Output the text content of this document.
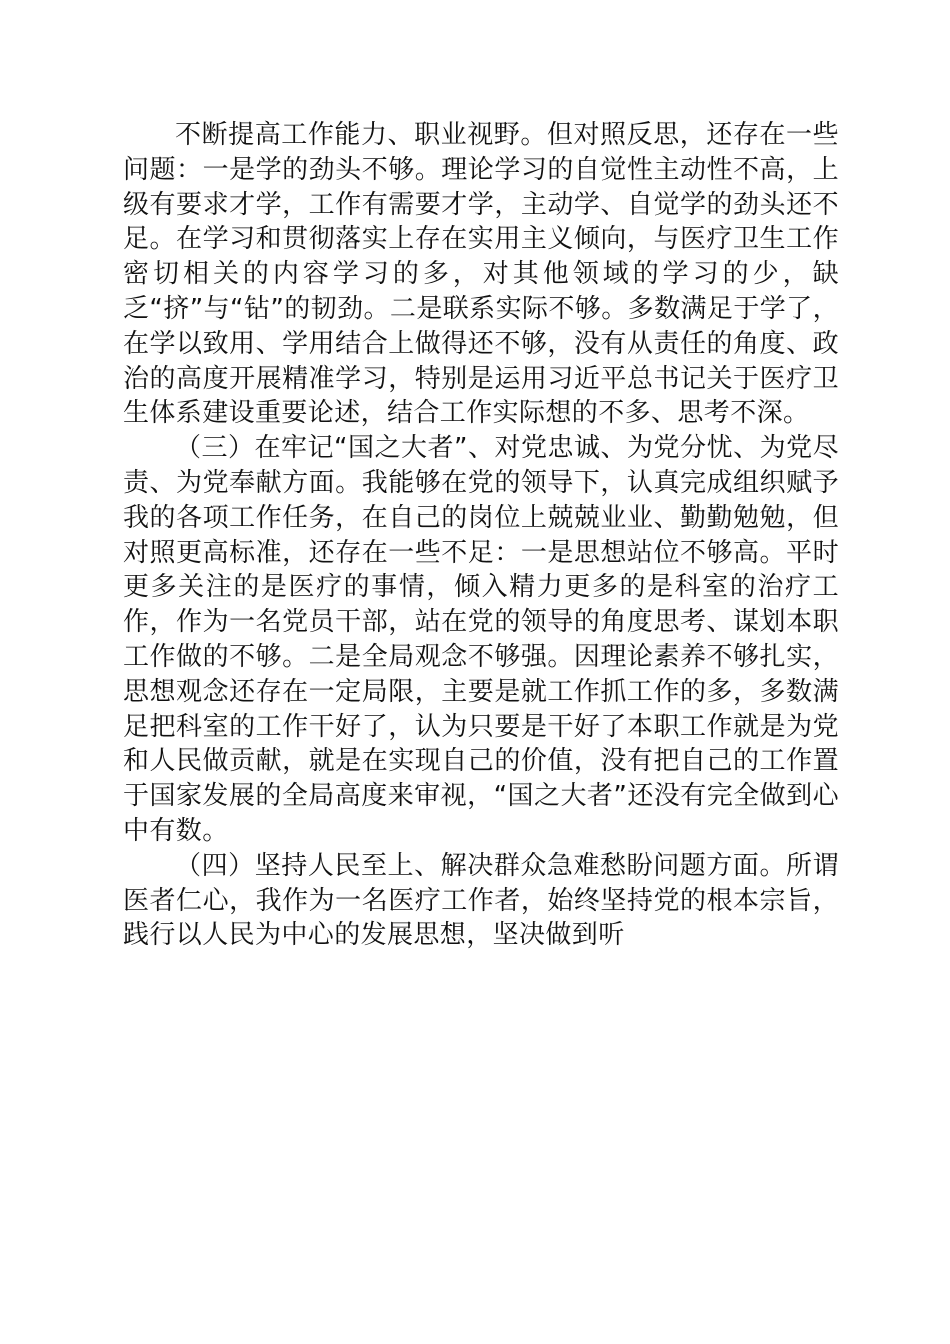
不断提高工作能力、职业视野。但对照反思，还存在一些问题：一是学的劲头不够。理论学习的自觉性主动性不高，上级有要求才学，工作有需要才学，主动学、自觉学的劲头还不足。在学习和贯彻落实上存在实用主义倾向，与医疗卫生工作密切相关的内容学习的多，对其他领域的学习的少，缺乏“挤”与“钻”的韧劲。二是联系实际不够。多数满足于学了，在学以致用、学用结合上做得还不够，没有从责任的角度、政治的高度开展精准学习，特别是运用习近平总书记关于医疗卫生体系建设重要论述，结合工作实际想的不多、思考不深。

（三）在牢记“国之大者”、对党忠诚、为党分忧、为党尽责、为党奉献方面。我能够在党的领导下，认真完成组织赋予我的各项工作任务，在自己的岗位上兢兢业业、勤勤勉勉，但对照更高标准，还存在一些不足：一是思想站位不够高。平时更多关注的是医疗的事情，倾入精力更多的是科室的治疗工作，作为一名党员干部，站在党的领导的角度思考、谋划本职工作做的不够。二是全局观念不够强。因理论素养不够扎实，思想观念还存在一定局限，主要是就工作抓工作的多，多数满足把科室的工作干好了，认为只要是干好了本职工作就是为党和人民做贡献，就是在实现自己的价值，没有把自己的工作置于国家发展的全局高度来审视，“国之大者”还没有完全做到心中有数。

（四）坚持人民至上、解决群众急难愁盼问题方面。所谓医者仁心，我作为一名医疗工作者，始终坚持党的根本宗旨，践行以人民为中心的发展思想，坚决做到听
